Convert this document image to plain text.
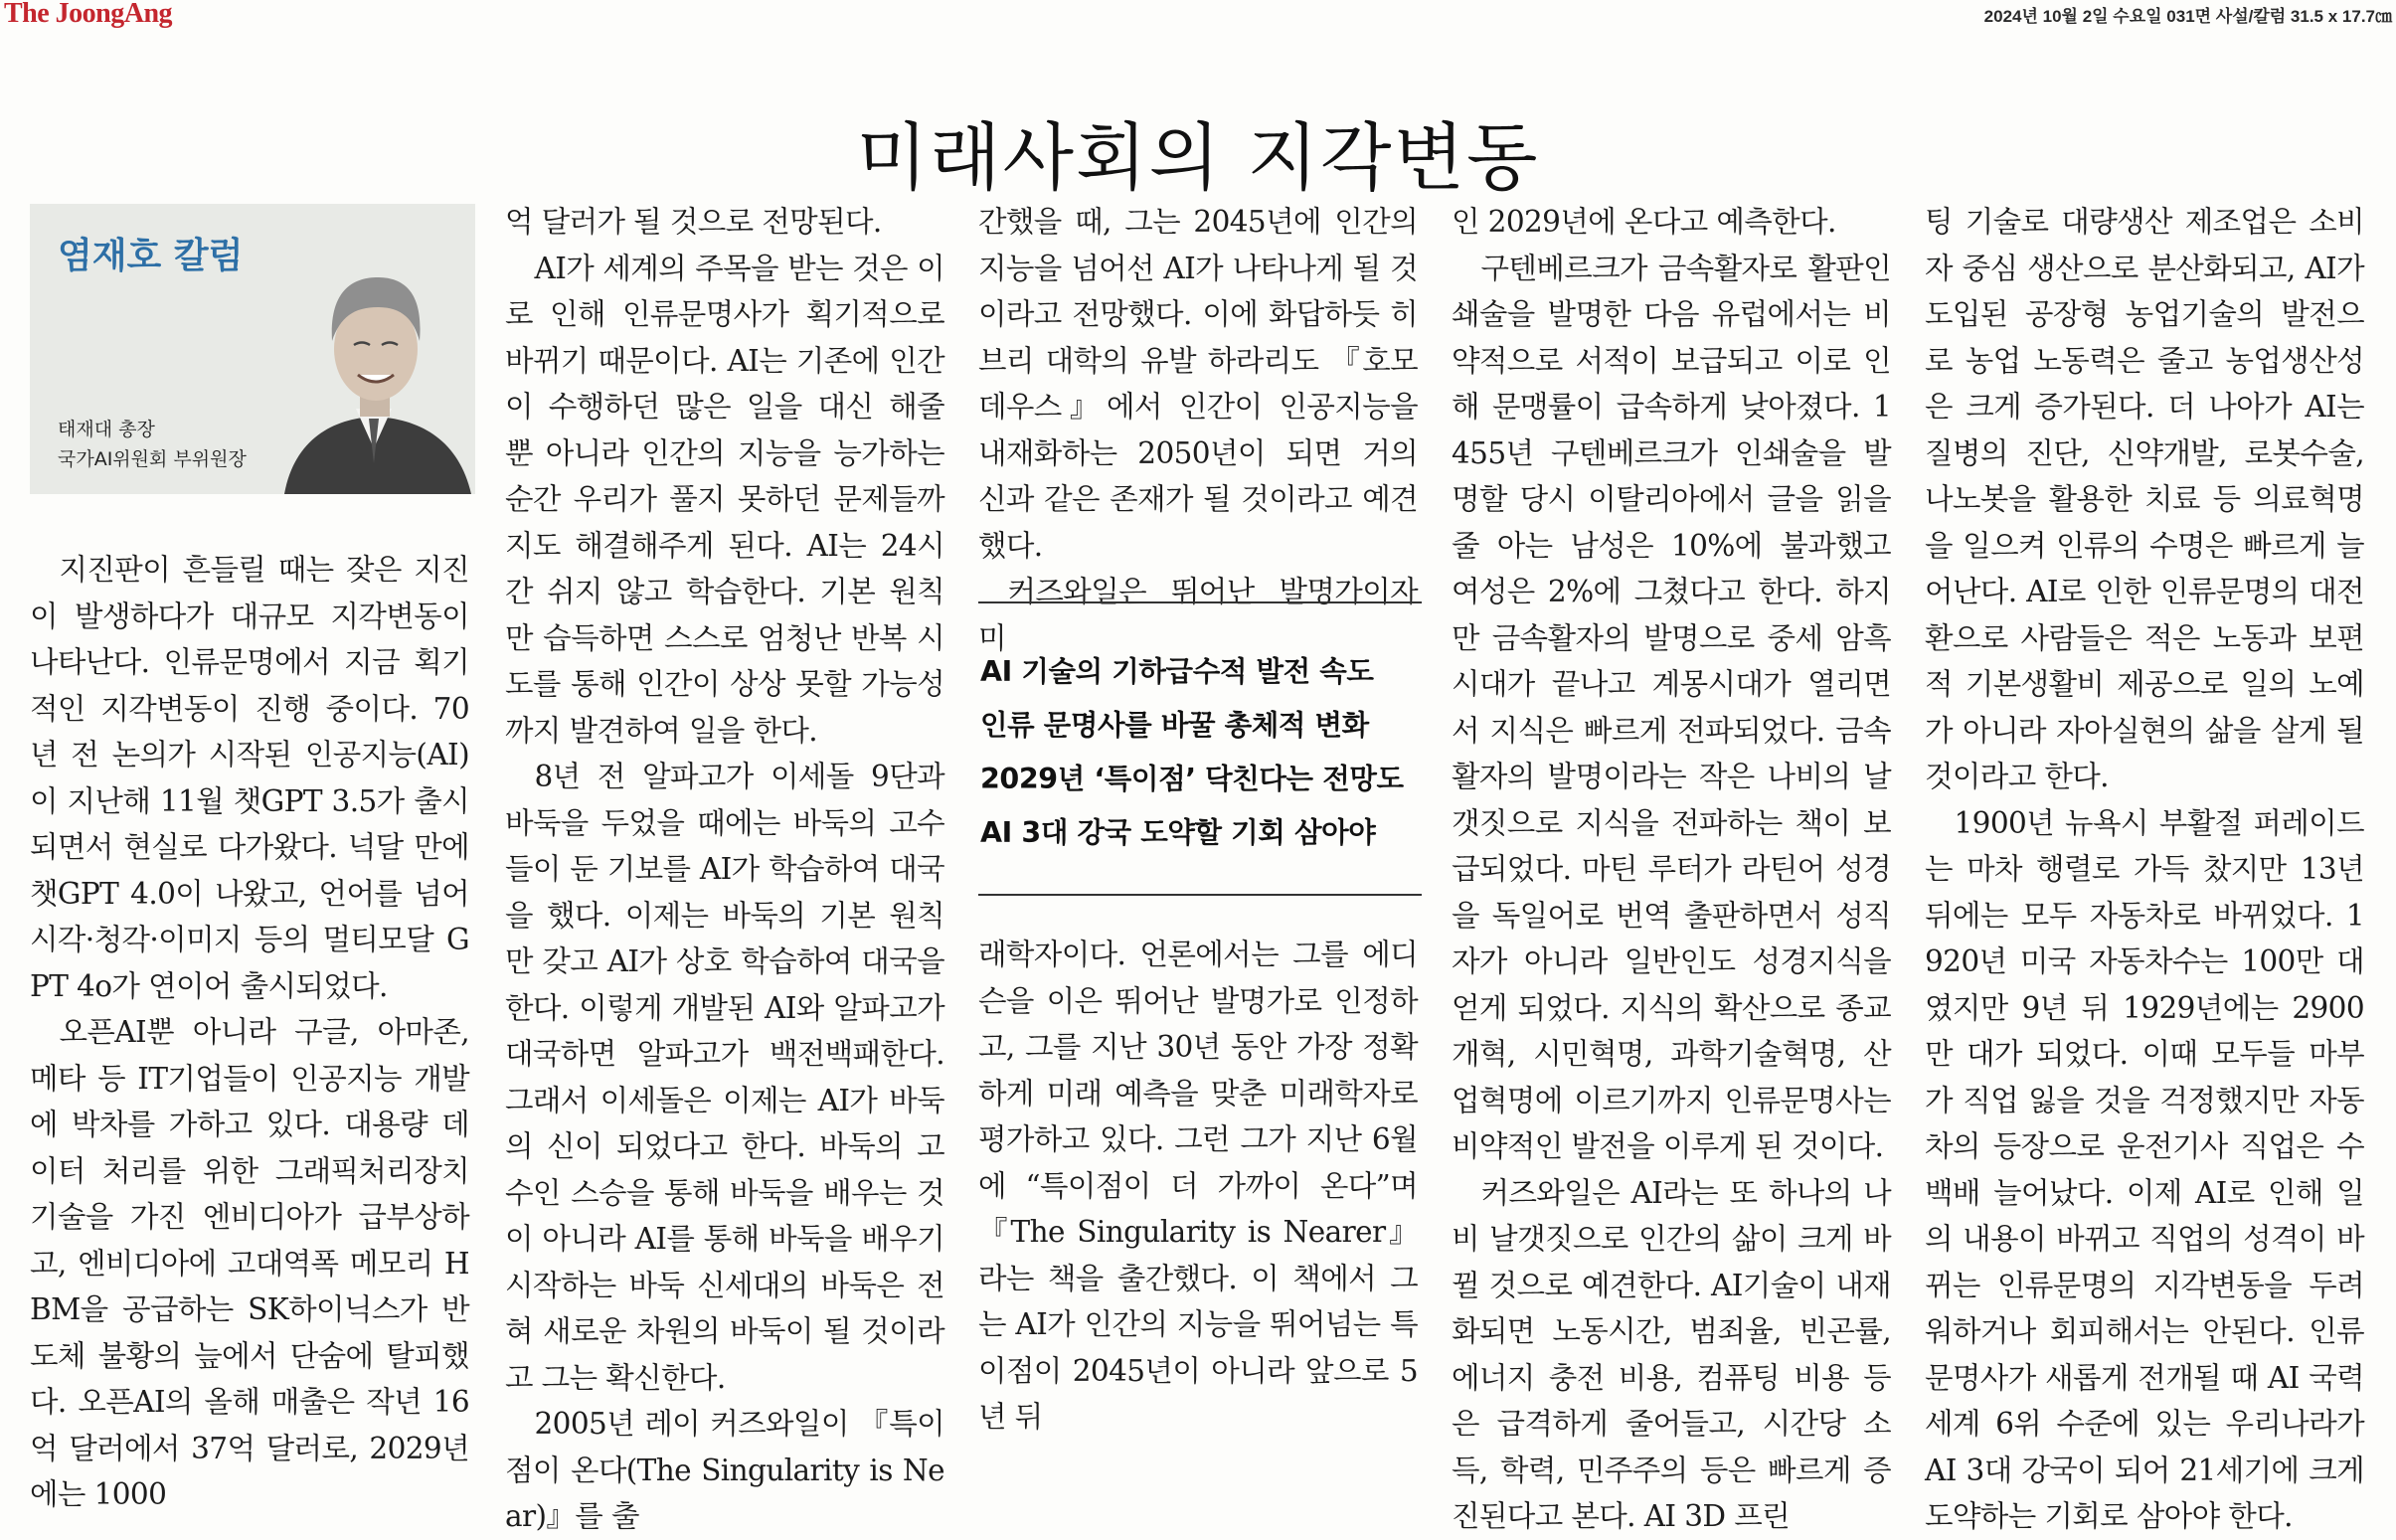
The JoongAng	2024년 10월 2일 수요일 031면 사설/칼럼 31.5 x 17.7㎝
미래사회의 지각변동
염재호 칼럼
태재대 총장
국가AI위원회 부위원장

지진판이 흔들릴 때는 잦은 지진이 발생하다가 대규모 지각변동이 나타난다. 인류문명에서 지금 획기적인 지각변동이 진행 중이다. 70년 전 논의가 시작된 인공지능(AI)이 지난해 11월 챗GPT 3.5가 출시되면서 현실로 다가왔다. 넉달 만에 챗GPT 4.0이 나왔고, 언어를 넘어 시각·청각·이미지 등의 멀티모달 GPT 4o가 연이어 출시되었다.

오픈AI뿐 아니라 구글, 아마존, 메타 등 IT기업들이 인공지능 개발에 박차를 가하고 있다. 대용량 데이터 처리를 위한 그래픽처리장치 기술을 가진 엔비디아가 급부상하고, 엔비디아에 고대역폭 메모리 HBM을 공급하는 SK하이닉스가 반도체 불황의 늪에서 단숨에 탈피했다. 오픈AI의 올해 매출은 작년 16억 달러에서 37억 달러로, 2029년에는 1000

억 달러가 될 것으로 전망된다.

AI가 세계의 주목을 받는 것은 이로 인해 인류문명사가 획기적으로 바뀌기 때문이다. AI는 기존에 인간이 수행하던 많은 일을 대신 해줄 뿐 아니라 인간의 지능을 능가하는 순간 우리가 풀지 못하던 문제들까지도 해결해주게 된다. AI는 24시간 쉬지 않고 학습한다. 기본 원칙만 습득하면 스스로 엄청난 반복 시도를 통해 인간이 상상 못할 가능성까지 발견하여 일을 한다.

8년 전 알파고가 이세돌 9단과 바둑을 두었을 때에는 바둑의 고수들이 둔 기보를 AI가 학습하여 대국을 했다. 이제는 바둑의 기본 원칙만 갖고 AI가 상호 학습하여 대국을 한다. 이렇게 개발된 AI와 알파고가 대국하면 알파고가 백전백패한다. 그래서 이세돌은 이제는 AI가 바둑의 신이 되었다고 한다. 바둑의 고수인 스승을 통해 바둑을 배우는 것이 아니라 AI를 통해 바둑을 배우기 시작하는 바둑 신세대의 바둑은 전혀 새로운 차원의 바둑이 될 것이라고 그는 확신한다.

2005년 레이 커즈와일이 『특이점이 온다(The Singularity is Near)』를 출

간했을 때, 그는 2045년에 인간의 지능을 넘어선 AI가 나타나게 될 것이라고 전망했다. 이에 화답하듯 히브리 대학의 유발 하라리도 『호모 데우스』에서 인간이 인공지능을 내재화하는 2050년이 되면 거의 신과 같은 존재가 될 것이라고 예견했다.

커즈와일은 뛰어난 발명가이자 미

AI 기술의 기하급수적 발전 속도
인류 문명사를 바꿀 총체적 변화
2029년 ‘특이점’ 닥친다는 전망도
AI 3대 강국 도약할 기회 삼아야

래학자이다. 언론에서는 그를 에디슨을 이은 뛰어난 발명가로 인정하고, 그를 지난 30년 동안 가장 정확하게 미래 예측을 맞춘 미래학자로 평가하고 있다. 그런 그가 지난 6월에 “특이점이 더 가까이 온다”며 『The Singularity is Nearer』라는 책을 출간했다. 이 책에서 그는 AI가 인간의 지능을 뛰어넘는 특이점이 2045년이 아니라 앞으로 5년 뒤

인 2029년에 온다고 예측한다.

구텐베르크가 금속활자로 활판인쇄술을 발명한 다음 유럽에서는 비약적으로 서적이 보급되고 이로 인해 문맹률이 급속하게 낮아졌다. 1455년 구텐베르크가 인쇄술을 발명할 당시 이탈리아에서 글을 읽을 줄 아는 남성은 10%에 불과했고 여성은 2%에 그쳤다고 한다. 하지만 금속활자의 발명으로 중세 암흑시대가 끝나고 계몽시대가 열리면서 지식은 빠르게 전파되었다. 금속활자의 발명이라는 작은 나비의 날갯짓으로 지식을 전파하는 책이 보급되었다. 마틴 루터가 라틴어 성경을 독일어로 번역 출판하면서 성직자가 아니라 일반인도 성경지식을 얻게 되었다. 지식의 확산으로 종교개혁, 시민혁명, 과학기술혁명, 산업혁명에 이르기까지 인류문명사는 비약적인 발전을 이루게 된 것이다.

커즈와일은 AI라는 또 하나의 나비 날갯짓으로 인간의 삶이 크게 바뀔 것으로 예견한다. AI기술이 내재화되면 노동시간, 범죄율, 빈곤률, 에너지 충전 비용, 컴퓨팅 비용 등은 급격하게 줄어들고, 시간당 소득, 학력, 민주주의 등은 빠르게 증진된다고 본다. AI 3D 프린

팅 기술로 대량생산 제조업은 소비자 중심 생산으로 분산화되고, AI가 도입된 공장형 농업기술의 발전으로 농업 노동력은 줄고 농업생산성은 크게 증가된다. 더 나아가 AI는 질병의 진단, 신약개발, 로봇수술, 나노봇을 활용한 치료 등 의료혁명을 일으켜 인류의 수명은 빠르게 늘어난다. AI로 인한 인류문명의 대전환으로 사람들은 적은 노동과 보편적 기본생활비 제공으로 일의 노예가 아니라 자아실현의 삶을 살게 될 것이라고 한다.

1900년 뉴욕시 부활절 퍼레이드는 마차 행렬로 가득 찼지만 13년 뒤에는 모두 자동차로 바뀌었다. 1920년 미국 자동차수는 100만 대였지만 9년 뒤 1929년에는 2900만 대가 되었다. 이때 모두들 마부가 직업 잃을 것을 걱정했지만 자동차의 등장으로 운전기사 직업은 수백배 늘어났다. 이제 AI로 인해 일의 내용이 바뀌고 직업의 성격이 바뀌는 인류문명의 지각변동을 두려워하거나 회피해서는 안된다. 인류문명사가 새롭게 전개될 때 AI 국력 세계 6위 수준에 있는 우리나라가 AI 3대 강국이 되어 21세기에 크게 도약하는 기회로 삼아야 한다.
